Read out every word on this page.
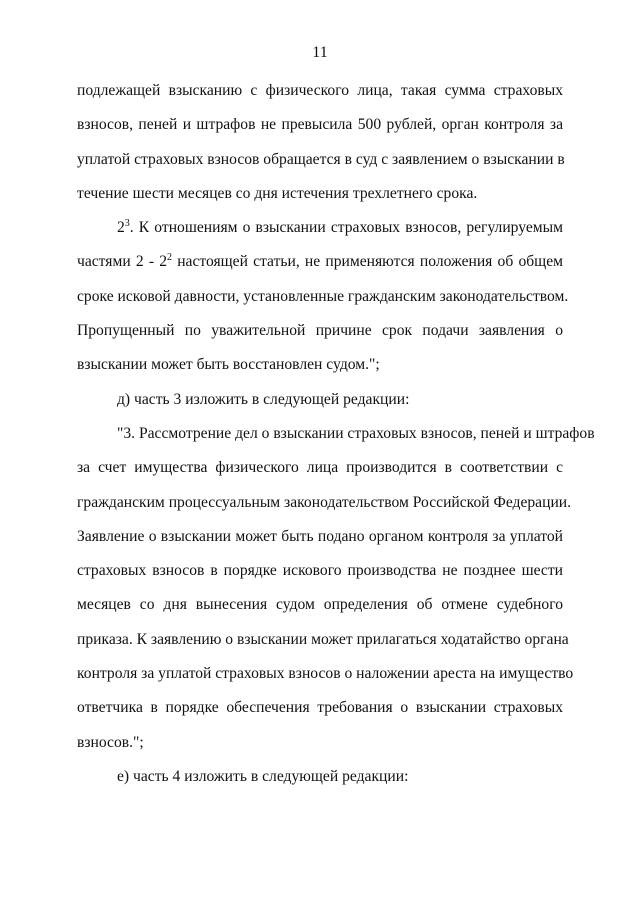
11
подлежащей взысканию с физического лица, такая сумма страховых
взносов, пеней и штрафов не превысила 500 рублей, орган контроля за
уплатой страховых взносов обращается в суд с заявлением о взыскании в
течение шести месяцев со дня истечения трехлетнего срока.
$2^3$. К отношениям о взыскании страховых взносов, регулируемым
частями $2 - 2^2$ настоящей статьи, не применяются положения об общем
сроке исковой давности, установленные гражданским законодательством.
Пропущенный по уважительной причине срок подачи заявления о
взыскании может быть восстановлен судом.";
д) часть 3 изложить в следующей редакции:
"3. Рассмотрение дел о взыскании страховых взносов, пеней и штрафов
за счет имущества физического лица производится в соответствии с
гражданским процессуальным законодательством Российской Федерации.
Заявление о взыскании может быть подано органом контроля за уплатой
страховых взносов в порядке искового производства не позднее шести
месяцев со дня вынесения судом определения об отмене судебного
приказа. К заявлению о взыскании может прилагаться ходатайство органа
контроля за уплатой страховых взносов о наложении ареста на имущество
ответчика в порядке обеспечения требования о взыскании страховых
взносов.";
е) часть 4 изложить в следующей редакции:
